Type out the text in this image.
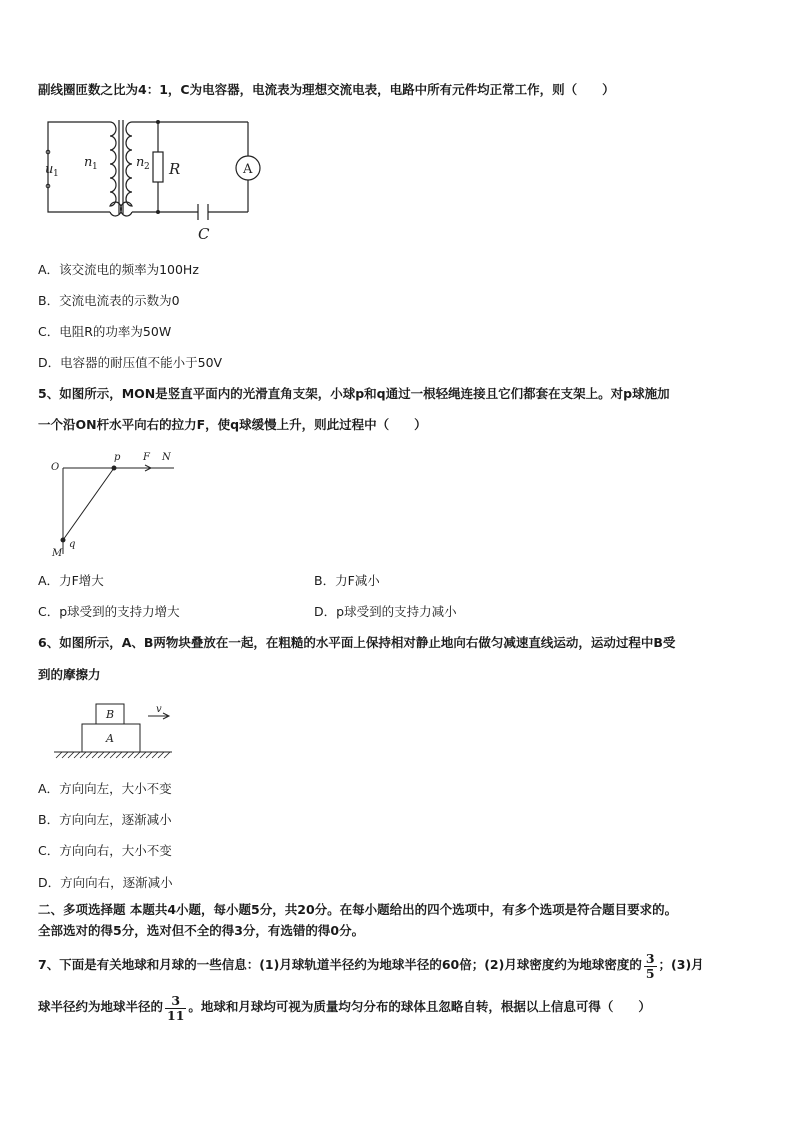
副线圈匝数之比为4：1，C为电容器，电流表为理想交流电表，电路中所有元件均正常工作，则（　　）
u 1
n 1	n 2 R	A
C
A．该交流电的频率为100Hz
B．交流电流表的示数为0
C．电阻R的功率为50W
D．电容器的耐压值不能小于50V
5、如图所示，MON是竖直平面内的光滑直角支架，小球p和q通过一根轻绳连接且它们都套在支架上。对p球施加
一个沿ON杆水平向右的拉力F，使q球缓慢上升，则此过程中（　　）
O
p F N
M
q
A．力F增大	B．力F减小
C．p球受到的支持力增大	D．p球受到的支持力减小
6、如图所示，A、B两物块叠放在一起，在粗糙的水平面上保持相对静止地向右做匀减速直线运动，运动过程中B受
到的摩擦力
B
A
v
A．方向向左，大小不变
B．方向向左，逐渐减小
C．方向向右，大小不变
D．方向向右，逐渐减小
二、多项选择题 本题共4小题，每小题5分，共20分。在每小题给出的四个选项中，有多个选项是符合题目要求的。
全部选对的得5分，选对但不全的得3分，有选错的得0分。
7、下面是有关地球和月球的一些信息：(1)月球轨道半径约为地球半径的60倍；(2)月球密度约为地球密度的 $\frac{3}{5}$ ；(3)月
球半径约为地球半径的 $\frac{3}{11}$ 。地球和月球均可视为质量均匀分布的球体且忽略自转，根据以上信息可得（　　）
